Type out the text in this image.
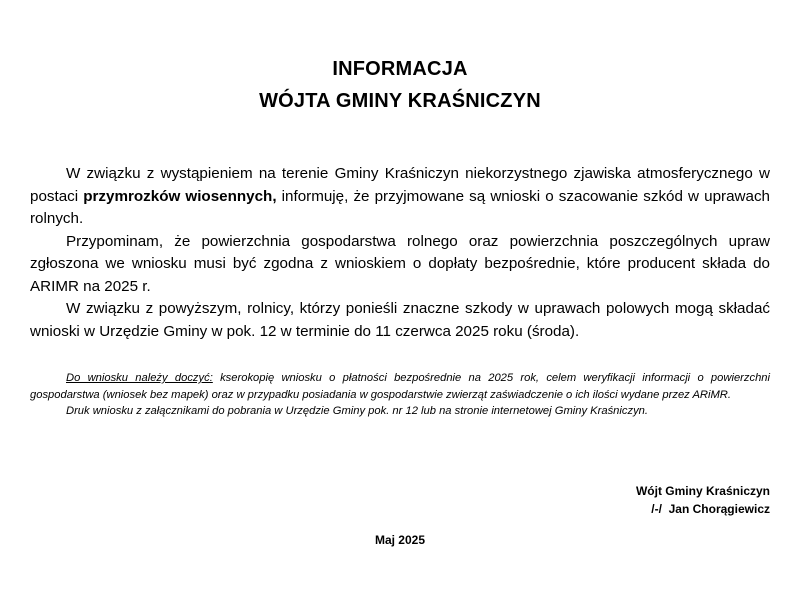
INFORMACJA
WÓJTA GMINY KRAŚNICZYN

W związku z wystąpieniem na terenie Gminy Kraśniczyn niekorzystnego zjawiska atmosferycznego w postaci przymrozków wiosennych, informuję, że przyjmowane są wnioski o szacowanie szkód w uprawach rolnych.

Przypominam, że powierzchnia gospodarstwa rolnego oraz powierzchnia poszczególnych upraw zgłoszona we wniosku musi być zgodna z wnioskiem o dopłaty bezpośrednie, które producent składa do ARIMR na 2025 r.

W związku z powyższym, rolnicy, którzy ponieśli znaczne szkody w uprawach polowych mogą składać wnioski w Urzędzie Gminy w pok. 12 w terminie do 11 czerwca 2025 roku (środa).

Do wniosku należy doczyć: kserokopię wniosku o płatności bezpośrednie na 2025 rok, celem weryfikacji informacji o powierzchni gospodarstwa (wniosek bez mapek) oraz w przypadku posiadania w gospodarstwie zwierząt zaświadczenie o ich ilości wydane przez ARiMR.

Druk wniosku z załącznikami do pobrania w Urzędzie Gminy pok. nr 12 lub na stronie internetowej Gminy Kraśniczyn.

Wójt Gminy Kraśniczyn
/-/  Jan Chorągiewicz
Maj 2025
